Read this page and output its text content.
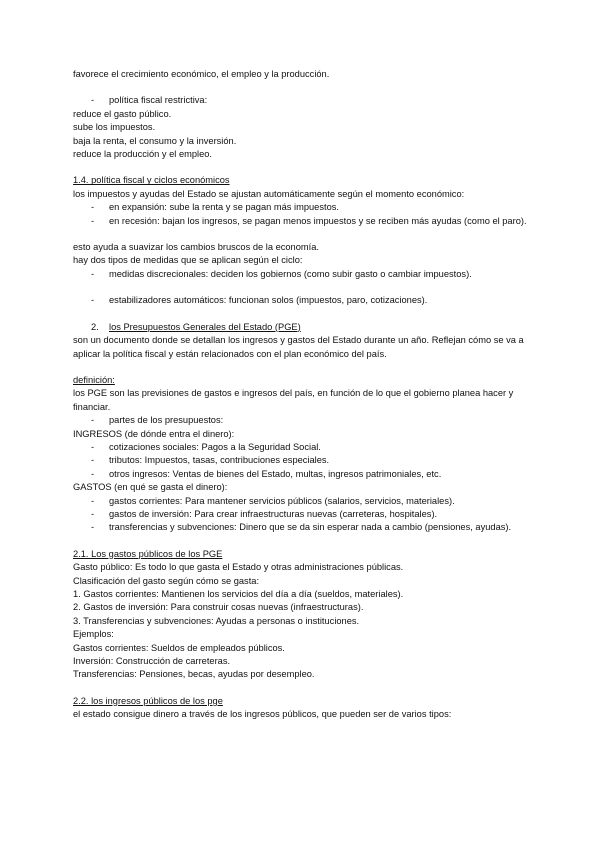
favorece el crecimiento económico, el empleo y la producción.
-	política fiscal restrictiva:
reduce el gasto público.
sube los impuestos.
baja la renta, el consumo y la inversión.
reduce la producción y el empleo.
1.4. política fiscal y ciclos económicos
los impuestos y ayudas del Estado se ajustan automáticamente según el momento económico:
-	en expansión: sube la renta y se pagan más impuestos.
-	en recesión: bajan los ingresos, se pagan menos impuestos y se reciben más ayudas (como el paro).
esto ayuda a suavizar los cambios bruscos de la economía.
hay dos tipos de medidas que se aplican según el ciclo:
-	medidas discrecionales: deciden los gobiernos (como subir gasto o cambiar impuestos).
-	estabilizadores automáticos: funcionan solos (impuestos, paro, cotizaciones).
2.	los Presupuestos Generales del Estado (PGE)
son un documento donde se detallan los ingresos y gastos del Estado durante un año. Reflejan cómo se va a aplicar la política fiscal y están relacionados con el plan económico del país.
definición:
los PGE son las previsiones de gastos e ingresos del país, en función de lo que el gobierno planea hacer y financiar.
-	partes de los presupuestos:
INGRESOS (de dónde entra el dinero):
-	cotizaciones sociales: Pagos a la Seguridad Social.
-	tributos: Impuestos, tasas, contribuciones especiales.
-	otros ingresos: Ventas de bienes del Estado, multas, ingresos patrimoniales, etc.
GASTOS (en qué se gasta el dinero):
-	gastos corrientes: Para mantener servicios públicos (salarios, servicios, materiales).
-	gastos de inversión: Para crear infraestructuras nuevas (carreteras, hospitales).
-	transferencias y subvenciones: Dinero que se da sin esperar nada a cambio (pensiones, ayudas).
2.1. Los gastos públicos de los PGE
Gasto público: Es todo lo que gasta el Estado y otras administraciones públicas.
Clasificación del gasto según cómo se gasta:
1. Gastos corrientes: Mantienen los servicios del día a día (sueldos, materiales).
2. Gastos de inversión: Para construir cosas nuevas (infraestructuras).
3. Transferencias y subvenciones: Ayudas a personas o instituciones.
Ejemplos:
Gastos corrientes: Sueldos de empleados públicos.
Inversión: Construcción de carreteras.
Transferencias: Pensiones, becas, ayudas por desempleo.
2.2. los ingresos públicos de los pge
el estado consigue dinero a través de los ingresos públicos, que pueden ser de varios tipos:
